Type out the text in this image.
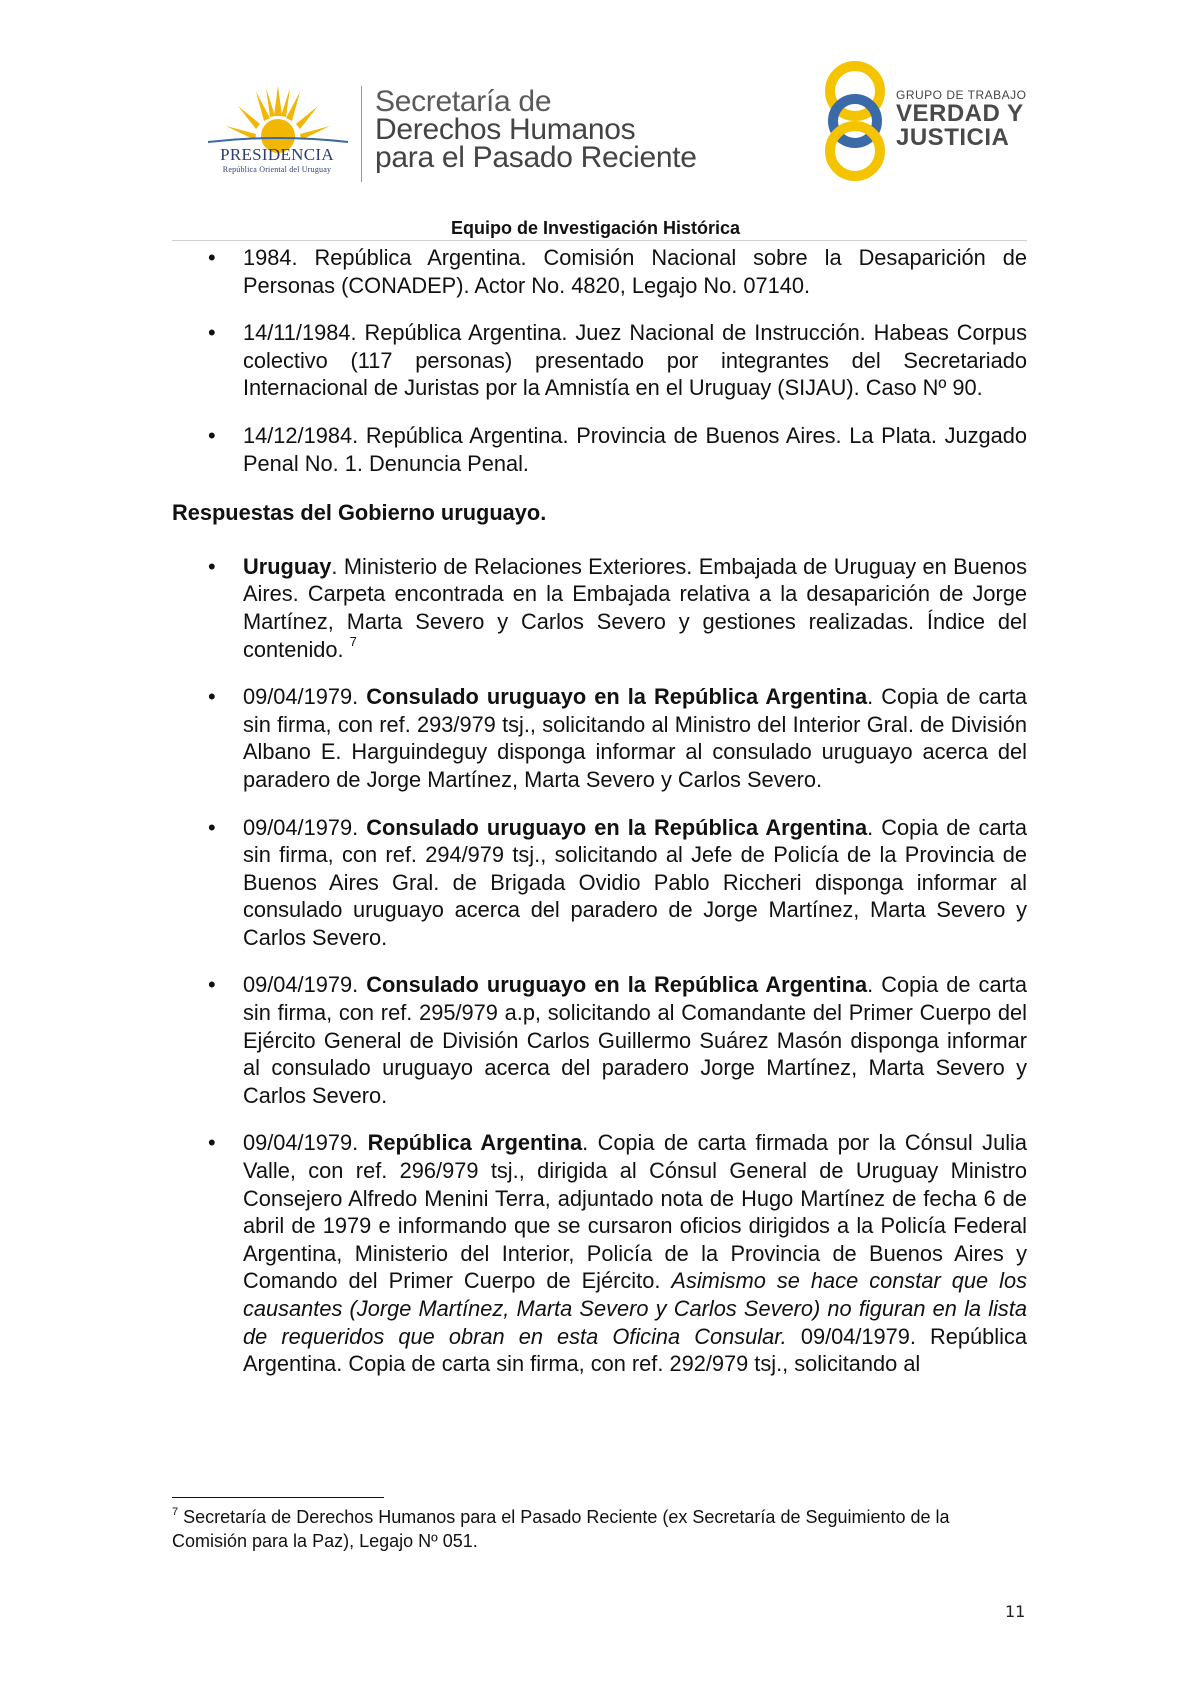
PRESIDENCIA
República Oriental del Uruguay
Secretaría de
Derechos Humanos
para el Pasado Reciente
GRUPO DE TRABAJO
VERDAD Y
JUSTICIA
Equipo de Investigación Histórica
•	1984. República Argentina. Comisión Nacional sobre la Desaparición de Personas (CONADEP). Actor No. 4820, Legajo No. 07140.
•	14/11/1984. República Argentina. Juez Nacional de Instrucción. Habeas Corpus colectivo (117 personas) presentado por integrantes del Secretariado Internacional de Juristas por la Amnistía en el Uruguay (SIJAU). Caso Nº 90.
•	14/12/1984. República Argentina. Provincia de Buenos Aires. La Plata. Juzgado Penal No. 1. Denuncia Penal.
Respuestas del Gobierno uruguayo.
•	Uruguay. Ministerio de Relaciones Exteriores. Embajada de Uruguay en Buenos Aires. Carpeta encontrada en la Embajada relativa a la desaparición de Jorge Martínez, Marta Severo y Carlos Severo y gestiones realizadas. Índice del contenido. $^7$
•	09/04/1979. Consulado uruguayo en la República Argentina. Copia de carta sin firma, con ref. 293/979 tsj., solicitando al Ministro del Interior Gral. de División Albano E. Harguindeguy disponga informar al consulado uruguayo acerca del paradero de Jorge Martínez, Marta Severo y Carlos Severo.
•	09/04/1979. Consulado uruguayo en la República Argentina. Copia de carta sin firma, con ref. 294/979 tsj., solicitando al Jefe de Policía de la Provincia de Buenos Aires Gral. de Brigada Ovidio Pablo Riccheri disponga informar al consulado uruguayo acerca del paradero de Jorge Martínez, Marta Severo y Carlos Severo.
•	09/04/1979. Consulado uruguayo en la República Argentina. Copia de carta sin firma, con ref. 295/979 a.p, solicitando al Comandante del Primer Cuerpo del Ejército General de División Carlos Guillermo Suárez Masón disponga informar al consulado uruguayo acerca del paradero Jorge Martínez, Marta Severo y Carlos Severo.
•	09/04/1979. República Argentina. Copia de carta firmada por la Cónsul Julia Valle, con ref. 296/979 tsj., dirigida al Cónsul General de Uruguay Ministro Consejero Alfredo Menini Terra, adjuntado nota de Hugo Martínez de fecha 6 de abril de 1979 e informando que se cursaron oficios dirigidos a la Policía Federal Argentina, Ministerio del Interior, Policía de la Provincia de Buenos Aires y Comando del Primer Cuerpo de Ejército. Asimismo se hace constar que los causantes (Jorge Martínez, Marta Severo y Carlos Severo) no figuran en la lista de requeridos que obran en esta Oficina Consular. 09/04/1979. República Argentina. Copia de carta sin firma, con ref. 292/979 tsj., solicitando al
$^7$ Secretaría de Derechos Humanos para el Pasado Reciente (ex Secretaría de Seguimiento de la Comisión para la Paz), Legajo Nº 051.
11
